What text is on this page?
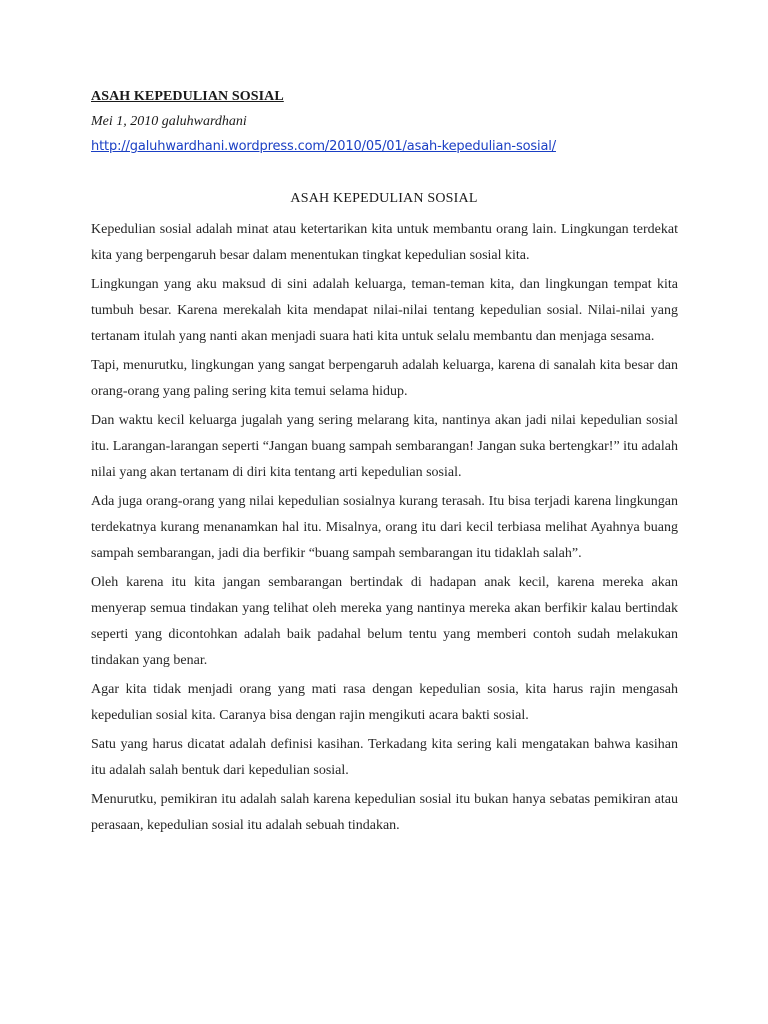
ASAH KEPEDULIAN SOSIAL
Mei 1, 2010 galuhwardhani
http://galuhwardhani.wordpress.com/2010/05/01/asah-kepedulian-sosial/
ASAH KEPEDULIAN SOSIAL

Kepedulian sosial adalah minat atau ketertarikan kita untuk membantu orang lain. Lingkungan terdekat kita yang berpengaruh besar dalam menentukan tingkat kepedulian sosial kita.

Lingkungan yang aku maksud di sini adalah keluarga, teman-teman kita, dan lingkungan tempat kita tumbuh besar. Karena merekalah kita mendapat nilai-nilai tentang kepedulian sosial. Nilai-nilai yang tertanam itulah yang nanti akan menjadi suara hati kita untuk selalu membantu dan menjaga sesama.

Tapi, menurutku, lingkungan yang sangat berpengaruh adalah keluarga, karena di sanalah kita besar dan orang-orang yang paling sering kita temui selama hidup.

Dan waktu kecil keluarga jugalah yang sering melarang kita, nantinya akan jadi nilai kepedulian sosial itu. Larangan-larangan seperti “Jangan buang sampah sembarangan! Jangan suka bertengkar!” itu adalah nilai yang akan tertanam di diri kita tentang arti kepedulian sosial.

Ada juga orang-orang yang nilai kepedulian sosialnya kurang terasah. Itu bisa terjadi karena lingkungan terdekatnya kurang menanamkan hal itu. Misalnya, orang itu dari kecil terbiasa melihat Ayahnya buang sampah sembarangan, jadi dia berfikir “buang sampah sembarangan itu tidaklah salah”.

Oleh karena itu kita jangan sembarangan bertindak di hadapan anak kecil, karena mereka akan menyerap semua tindakan yang telihat oleh mereka yang nantinya mereka akan berfikir kalau bertindak seperti yang dicontohkan adalah baik padahal belum tentu yang memberi contoh sudah melakukan tindakan yang benar.

Agar kita tidak menjadi orang yang mati rasa dengan kepedulian sosia, kita harus rajin mengasah kepedulian sosial kita. Caranya bisa dengan rajin mengikuti acara bakti sosial.

Satu yang harus dicatat adalah definisi kasihan. Terkadang kita sering kali mengatakan bahwa kasihan itu adalah salah bentuk dari kepedulian sosial.

Menurutku, pemikiran itu adalah salah karena kepedulian sosial itu bukan hanya sebatas pemikiran atau perasaan, kepedulian sosial itu adalah sebuah tindakan.
